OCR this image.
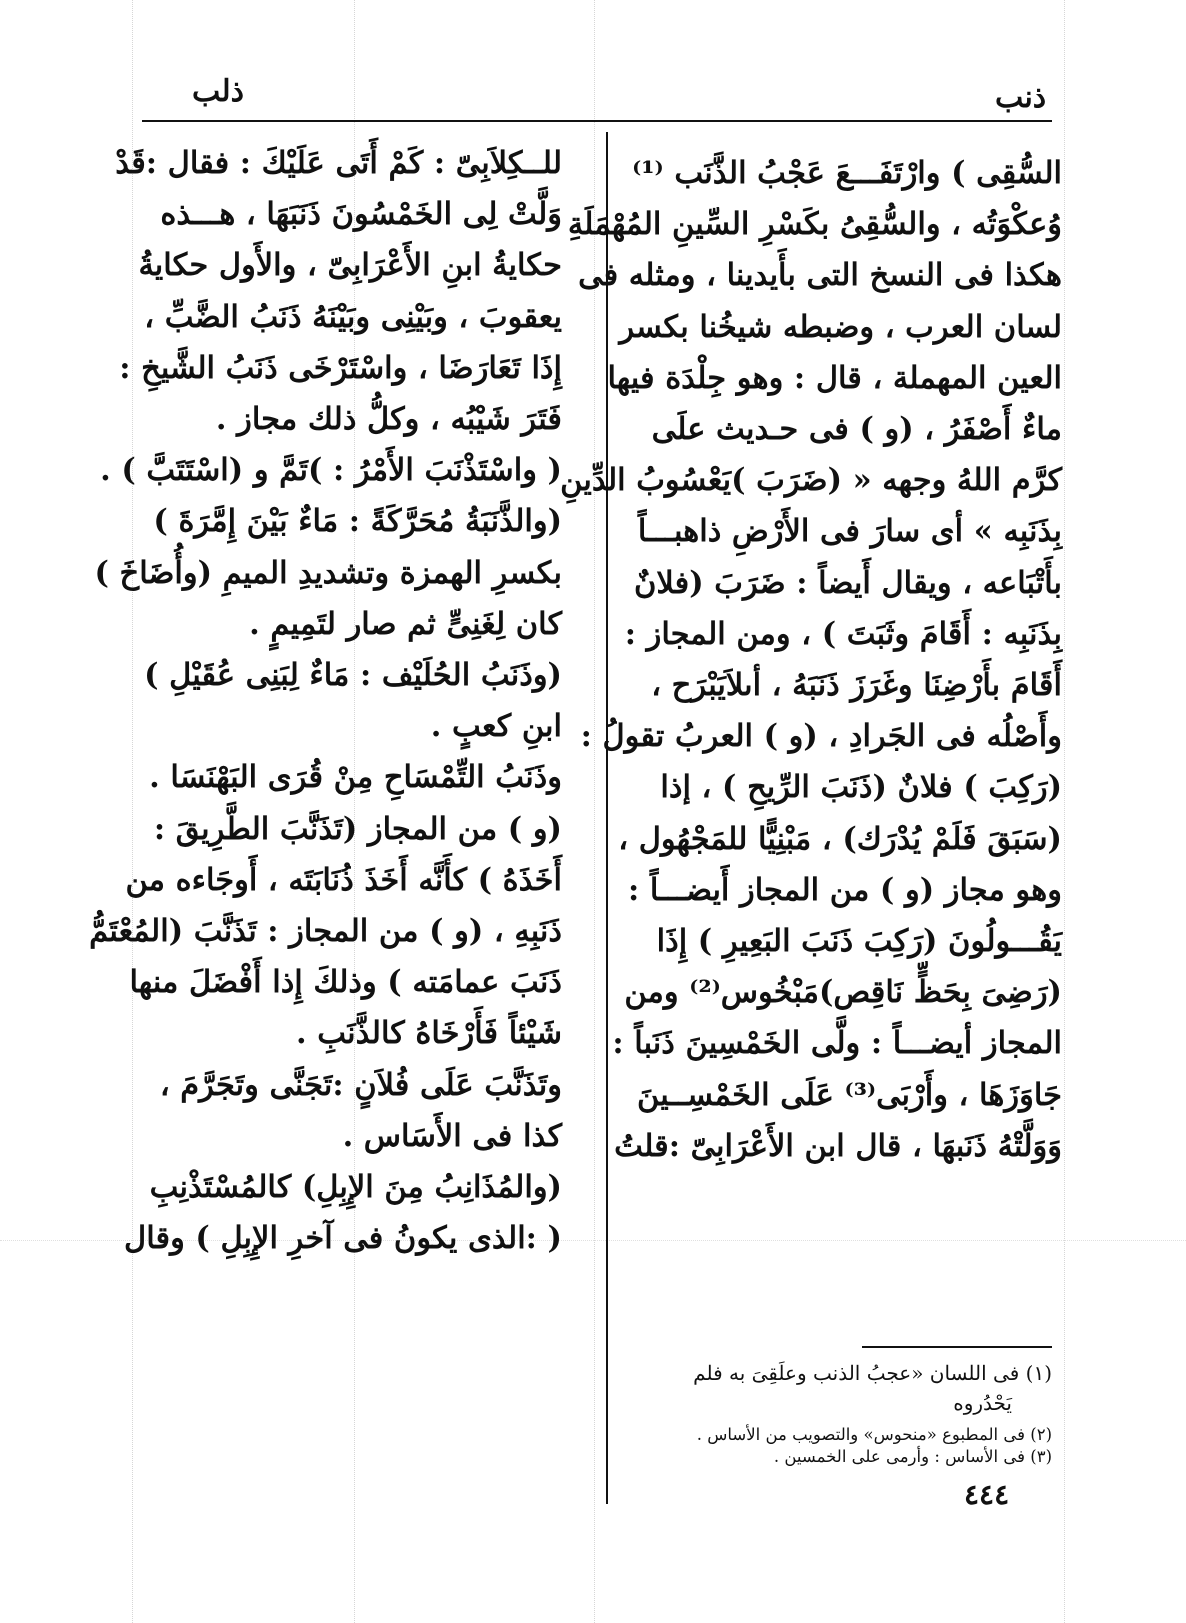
ذلب	ذنب
السُّقِى ) وارْتَفَـــعَ عَجْبُ الذَّنَب ⁽¹⁾
وُعكْوَتُه ، والسُّقِىُ بكَسْرِ السِّينِ المُهْمَلَةِ
هكذا فى النسخ التى بأَيدينا ، ومثله فى
لسان العرب ، وضبطه شيخُنا بكسر
العين المهملة ، قال : وهو جِلْدَة فيها
ماءٌ أَصْفَرُ ، (و ) فى حـديث علَى
كرَّم اللهُ وجهه « (ضَرَبَ )يَعْسُوبُ الدِّينِ
بِذَنَبِه » أى سارَ فى الأَرْضِ ذاهبـــاً
بأَتْبَاعه ، ويقال أَيضاً : ضَرَبَ (فلانٌ
بِذَنَبِه : أَقَامَ وثَبَتَ ) ، ومن المجاز :
أَقَامَ بأَرْضِنَا وغَرَزَ ذَنَبَهُ ، أىلاَيَبْرَح ،
وأَصْلُه فى الجَرادِ ، (و ) العربُ تقولُ :
(رَكِبَ ) فلانٌ (ذَنَبَ الرِّيحِ ) ، إذا
(سَبَقَ فَلَمْ يُدْرَك) ، مَبْنِيًّا للمَجْهُول ،
وهو مجاز (و ) من المجاز أَيضـــاً :
يَقُـــولُونَ (رَكِبَ ذَنَبَ البَعِيرِ ) إِذَا
(رَضِىَ بِحَظٍّ نَاقِص)مَبْخُوس⁽²⁾ ومن
المجاز أيضـــاً : ولَّى الخَمْسِينَ ذَنَباً :
جَاوَزَهَا ، وأَرْبَى⁽³⁾ عَلَى الخَمْسِــينَ
وَوَلَّتْهُ ذَنَبهَا ، قال ابن الأَعْرَابِىّ :قلتُ
للــكِلاَبِىّ : كَمْ أَتَى عَلَيْكَ : فقال :قَدْ
وَلَّتْ لِى الخَمْسُونَ ذَنَبَهَا ، هـــذه
حكايةُ ابنِ الأَعْرَابِىّ ، والأَول حكايةُ
يعقوبَ ، وبَيْنِى وبَيْنَهُ ذَنَبُ الضَّبِّ ،
إِذَا تَعَارَضَا ، واسْتَرْخَى ذَنَبُ الشَّيخِ :
فَتَرَ شَيْبُه ، وكلُّ ذلك مجاز .
( واسْتَذْنَبَ الأَمْرُ : )تَمَّ و (اسْتَتَبَّ ) .
(والذَّنَبَةُ مُحَرَّكَةً : مَاءٌ بَيْنَ إِمَّرَةَ )
بكسرِ الهمزة وتشديدِ الميمِ (وأُضَاخَ )
كان لِغَنِىٍّ ثم صار لتَمِيمٍ .
(وذَنَبُ الحُلَيْف : مَاءٌ لِبَنِى عُقَيْلِ )
ابنِ كعبٍ .
وذَنَبُ التِّمْسَاحِ مِنْ قُرَى البَهْنَسَا .
(و ) من المجاز (تَذَنَّبَ الطَّرِيقَ :
أَخَذَهُ ) كأَنَّه أَخَذَ ذُنَابَتَه ، أَوجَاءه من
ذَنَبِهِ ، (و ) من المجاز : تَذَنَّبَ (المُعْتَمُّ
ذَنَبَ عمامَته ) وذلكَ إِذا أَفْضَلَ منها
شَيْئاً فَأَرْخَاهُ كالذَّنَبِ .
وتَذَنَّبَ عَلَى فُلاَنٍ :تَجَنَّى وتَجَرَّمَ ،
كذا فى الأَسَاس .
(والمُذَانِبُ مِنَ الإِبِلِ) كالمُسْتَذْنِبِ
( :الذى يكونُ فى آخرِ الإِبِلِ ) وقال
(١) فى اللسان «عجبُ الذنب وعلَقِىَ به فلم
يَحْدُروه
(٢) فى المطبوع «منحوس» والتصويب من الأساس .
(٣) فى الأساس : وأرمى على الخمسين .
٤٤٤
